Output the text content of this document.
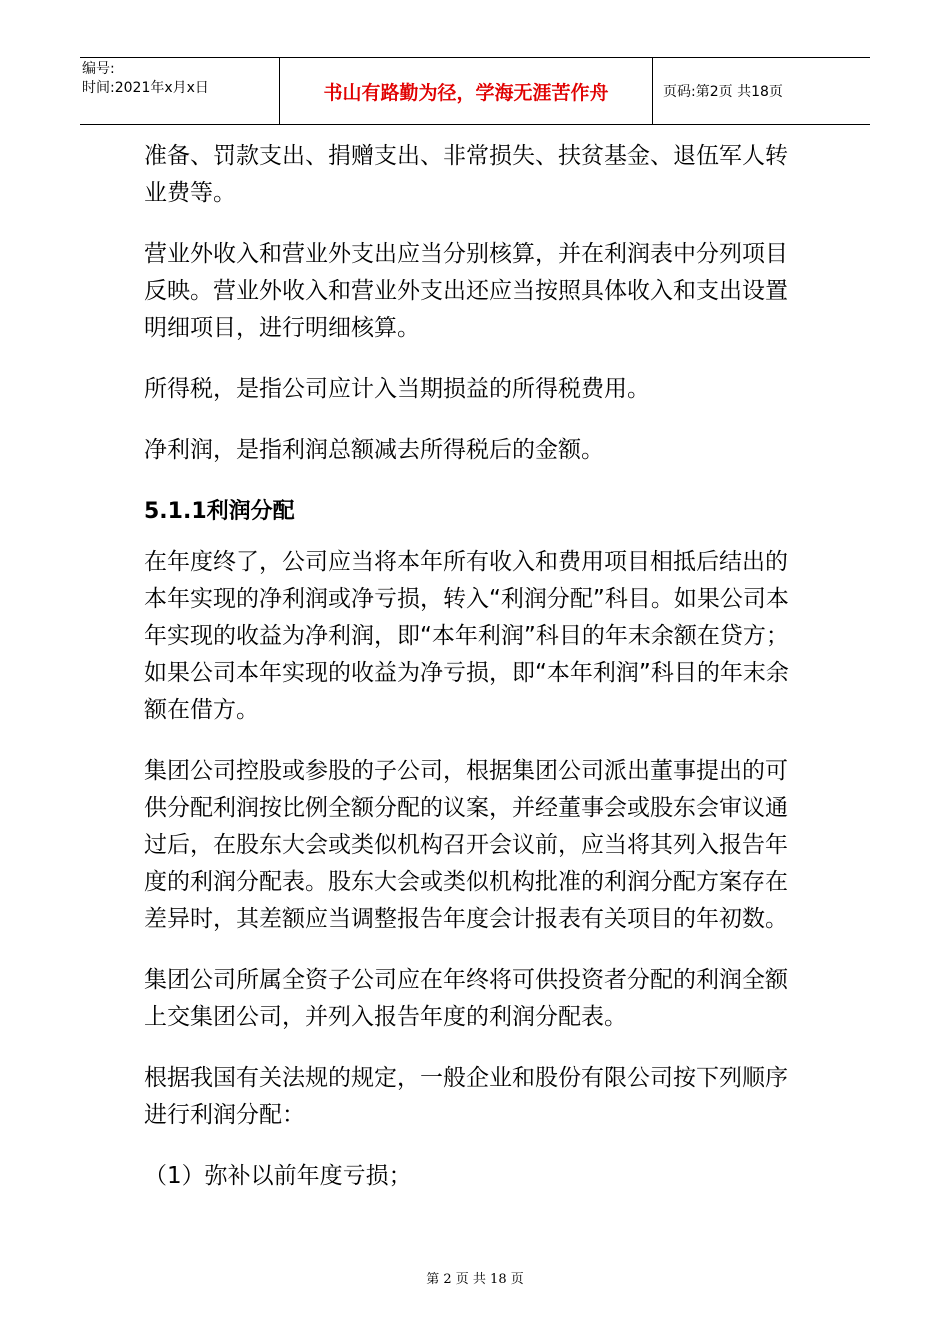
编号:
时间:2021年x月x日	书山有路勤为径，学海无涯苦作舟	页码:第2页 共18页

准备、罚款支出、捐赠支出、非常损失、扶贫基金、退伍军人转业费等。

营业外收入和营业外支出应当分别核算，并在利润表中分列项目反映。营业外收入和营业外支出还应当按照具体收入和支出设置明细项目，进行明细核算。

所得税，是指公司应计入当期损益的所得税费用。

净利润，是指利润总额减去所得税后的金额。

5.1.1利润分配

在年度终了，公司应当将本年所有收入和费用项目相抵后结出的本年实现的净利润或净亏损，转入“利润分配”科目。如果公司本年实现的收益为净利润，即“本年利润”科目的年末余额在贷方；如果公司本年实现的收益为净亏损，即“本年利润”科目的年末余额在借方。

集团公司控股或参股的子公司，根据集团公司派出董事提出的可供分配利润按比例全额分配的议案，并经董事会或股东会审议通过后，在股东大会或类似机构召开会议前，应当将其列入报告年度的利润分配表。股东大会或类似机构批准的利润分配方案存在差异时，其差额应当调整报告年度会计报表有关项目的年初数。

集团公司所属全资子公司应在年终将可供投资者分配的利润全额上交集团公司，并列入报告年度的利润分配表。

根据我国有关法规的规定，一般企业和股份有限公司按下列顺序进行利润分配：

（1）弥补以前年度亏损；

第 2 页 共 18 页
